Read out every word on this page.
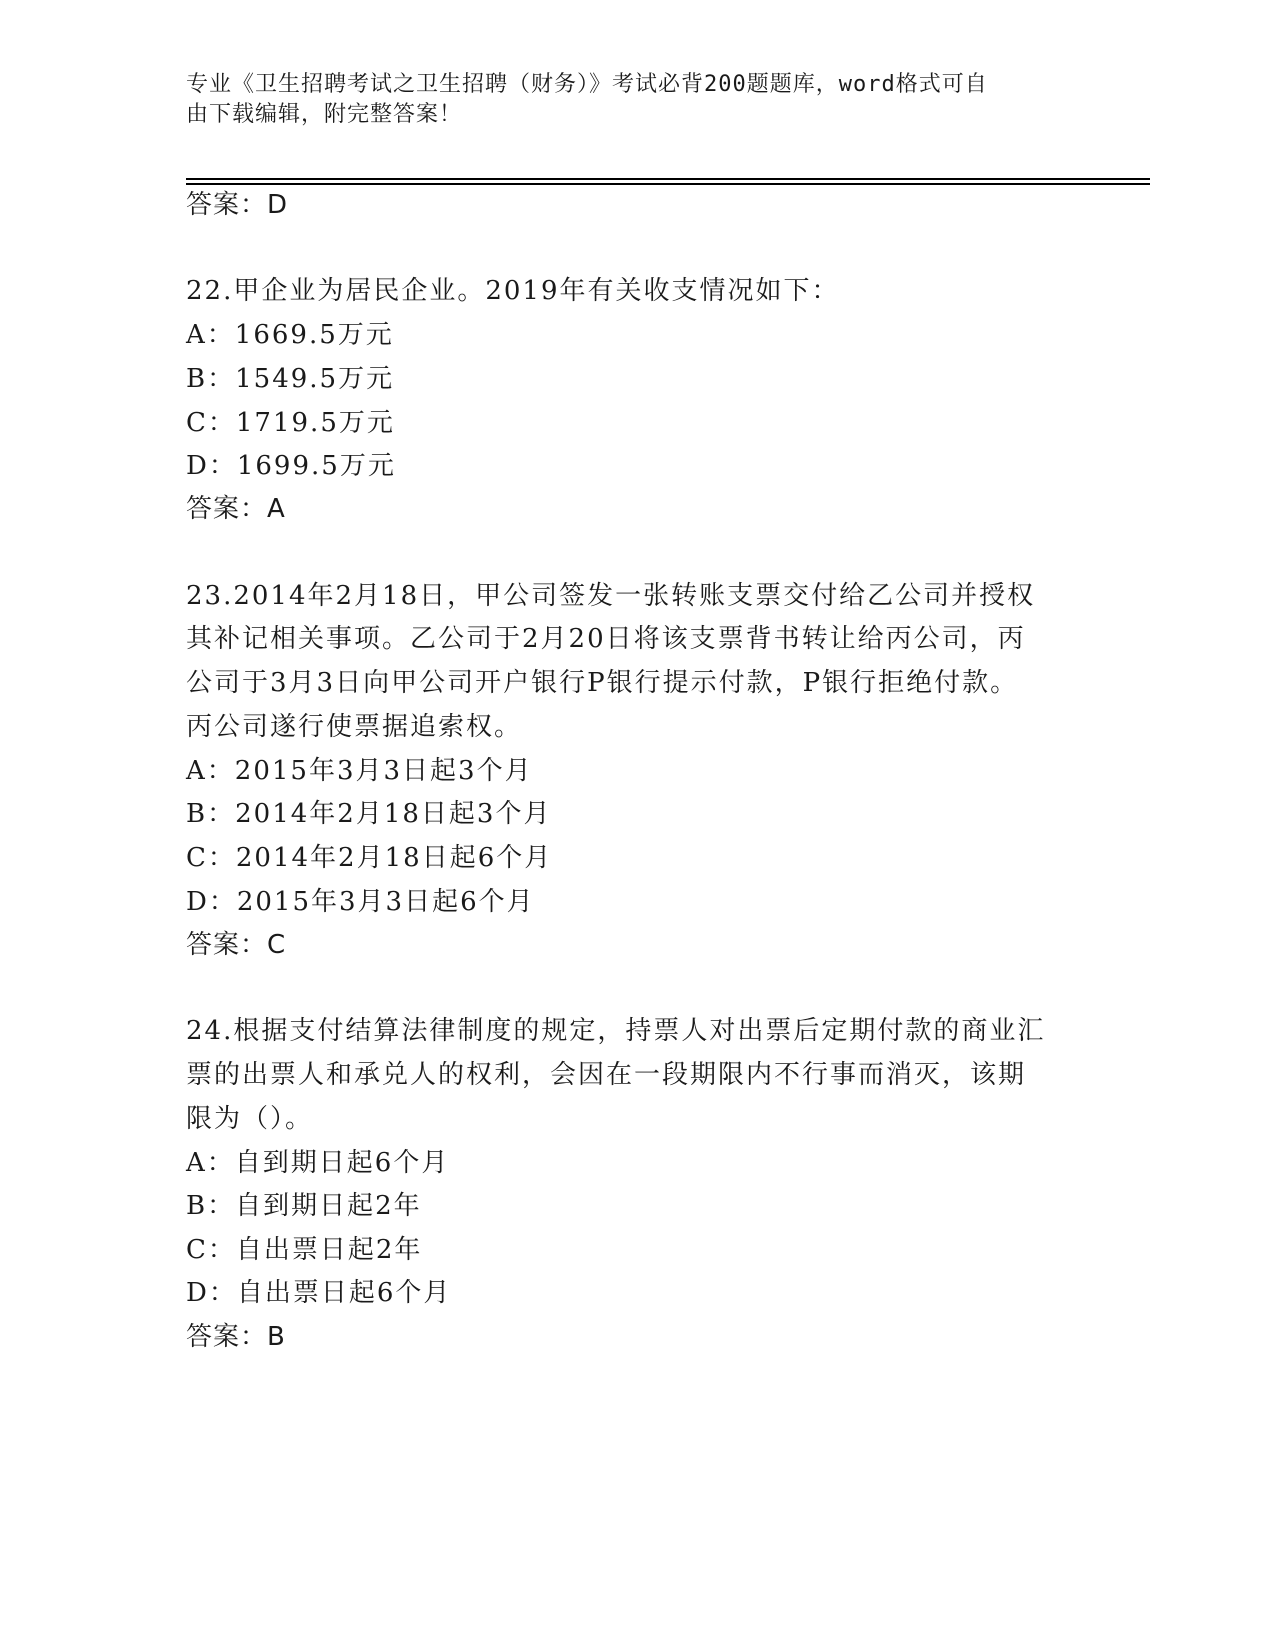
专业《卫生招聘考试之卫生招聘（财务）》考试必背200题题库，word格式可自
由下载编辑，附完整答案！
答案：D
22.甲企业为居民企业。2019年有关收支情况如下：
A：1669.5万元
B：1549.5万元
C：1719.5万元
D：1699.5万元
答案：A
23.2014年2月18日，甲公司签发一张转账支票交付给乙公司并授权
其补记相关事项。乙公司于2月20日将该支票背书转让给丙公司，丙
公司于3月3日向甲公司开户银行P银行提示付款，P银行拒绝付款。
丙公司遂行使票据追索权。
A：2015年3月3日起3个月
B：2014年2月18日起3个月
C：2014年2月18日起6个月
D：2015年3月3日起6个月
答案：C
24.根据支付结算法律制度的规定，持票人对出票后定期付款的商业汇
票的出票人和承兑人的权利，会因在一段期限内不行事而消灭，该期
限为（）。
A：自到期日起6个月
B：自到期日起2年
C：自出票日起2年
D：自出票日起6个月
答案：B
